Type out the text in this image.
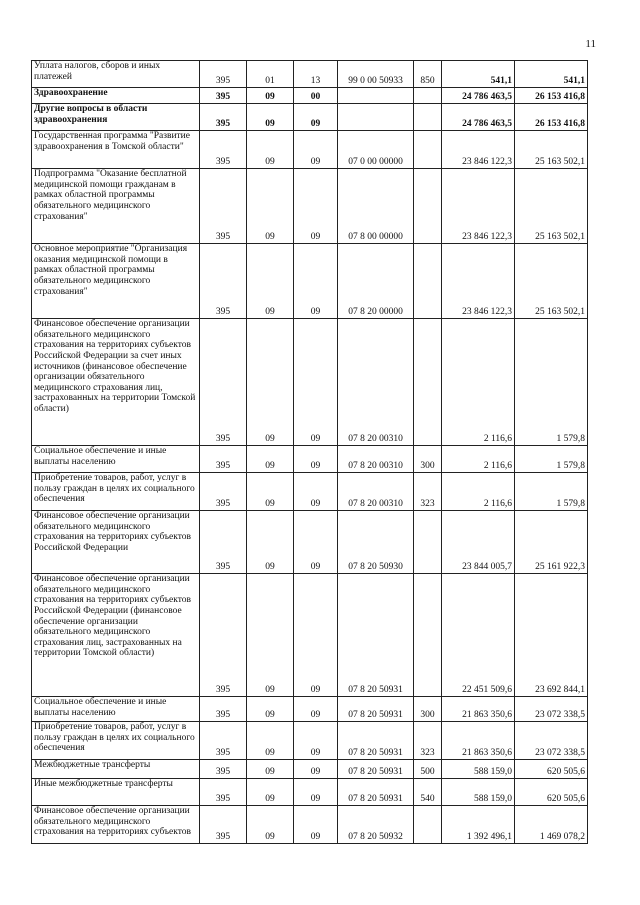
11
Уплата налогов, сборов и иных платежей	395	01	13	99 0 00 50933	850	541,1	541,1
Здравоохранение	395	09	00			24 786 463,5	26 153 416,8
Другие вопросы в области здравоохранения	395	09	09			24 786 463,5	26 153 416,8
Государственная программа "Развитие здравоохранения в Томской области"	395	09	09	07 0 00 00000		23 846 122,3	25 163 502,1
Подпрограмма "Оказание бесплатной медицинской помощи гражданам в рамках областной программы обязательного медицинского страхования"	395	09	09	07 8 00 00000		23 846 122,3	25 163 502,1
Основное мероприятие "Организация оказания медицинской помощи в рамках областной программы обязательного медицинского страхования"	395	09	09	07 8 20 00000		23 846 122,3	25 163 502,1
Финансовое обеспечение организации обязательного медицинского страхования на территориях субъектов Российской Федерации за счет иных источников (финансовое обеспечение организации обязательного медицинского страхования лиц, застрахованных на территории Томской области)	395	09	09	07 8 20 00310		2 116,6	1 579,8
Социальное обеспечение и иные выплаты населению	395	09	09	07 8 20 00310	300	2 116,6	1 579,8
Приобретение товаров, работ, услуг в пользу граждан в целях их социального обеспечения	395	09	09	07 8 20 00310	323	2 116,6	1 579,8
Финансовое обеспечение организации обязательного медицинского страхования на территориях субъектов Российской Федерации	395	09	09	07 8 20 50930		23 844 005,7	25 161 922,3
Финансовое обеспечение организации обязательного медицинского страхования на территориях субъектов Российской Федерации (финансовое обеспечение организации обязательного медицинского страхования лиц, застрахованных на территории Томской области)	395	09	09	07 8 20 50931		22 451 509,6	23 692 844,1
Социальное обеспечение и иные выплаты населению	395	09	09	07 8 20 50931	300	21 863 350,6	23 072 338,5
Приобретение товаров, работ, услуг в пользу граждан в целях их социального обеспечения	395	09	09	07 8 20 50931	323	21 863 350,6	23 072 338,5
Межбюджетные трансферты	395	09	09	07 8 20 50931	500	588 159,0	620 505,6
Иные межбюджетные трансферты	395	09	09	07 8 20 50931	540	588 159,0	620 505,6
Финансовое обеспечение организации обязательного медицинского страхования на территориях субъектов	395	09	09	07 8 20 50932		1 392 496,1	1 469 078,2
